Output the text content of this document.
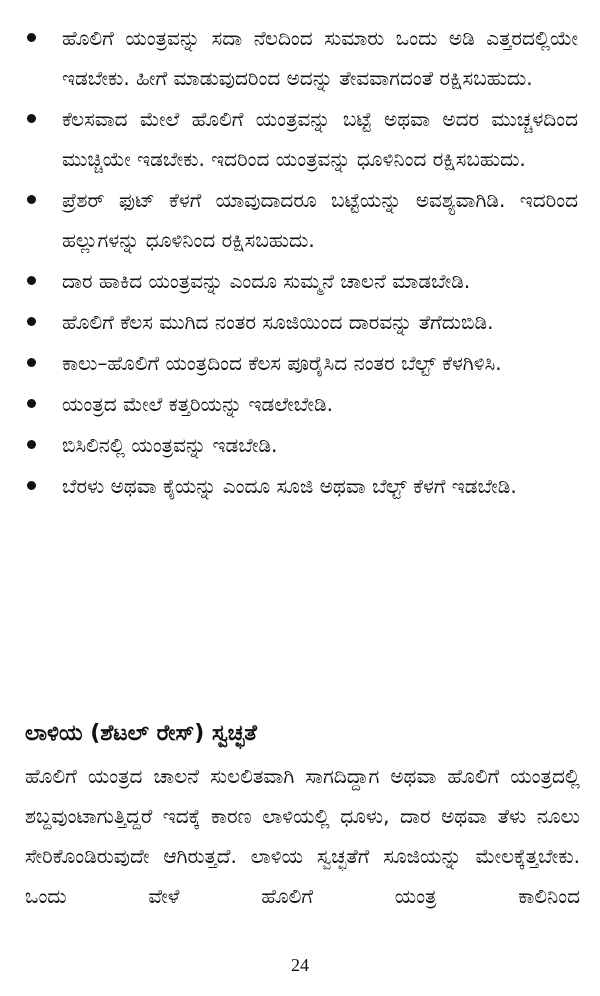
ಹೊಲಿಗೆ ಯಂತ್ರವನ್ನು ಸದಾ ನೆಲದಿಂದ ಸುಮಾರು ಒಂದು ಅಡಿ ಎತ್ತರದಲ್ಲಿಯೇ ಇಡಬೇಕು. ಹೀಗೆ ಮಾಡುವುದರಿಂದ ಅದನ್ನು ತೇವವಾಗದಂತೆ ರಕ್ಷಿಸಬಹುದು.
ಕೆಲಸವಾದ ಮೇಲೆ ಹೊಲಿಗೆ ಯಂತ್ರವನ್ನು ಬಟ್ಟೆ ಅಥವಾ ಅದರ ಮುಚ್ಚಳದಿಂದ ಮುಚ್ಚಿಯೇ ಇಡಬೇಕು. ಇದರಿಂದ ಯಂತ್ರವನ್ನು ಧೂಳಿನಿಂದ ರಕ್ಷಿಸಬಹುದು.
ಪ್ರೆಶರ್ ಫುಟ್ ಕೆಳಗೆ ಯಾವುದಾದರೂ ಬಟ್ಟೆಯನ್ನು ಅವಶ್ಯವಾಗಿಡಿ. ಇದರಿಂದ ಹಲ್ಲುಗಳನ್ನು ಧೂಳಿನಿಂದ ರಕ್ಷಿಸಬಹುದು.
ದಾರ ಹಾಕಿದ ಯಂತ್ರವನ್ನು ಎಂದೂ ಸುಮ್ಮನೆ ಚಾಲನೆ ಮಾಡಬೇಡಿ.
ಹೊಲಿಗೆ ಕೆಲಸ ಮುಗಿದ ನಂತರ ಸೂಜಿಯಿಂದ ದಾರವನ್ನು ತೆಗೆದುಬಿಡಿ.
ಕಾಲು–ಹೊಲಿಗೆ ಯಂತ್ರದಿಂದ ಕೆಲಸ ಪೂರೈಸಿದ ನಂತರ ಬೆಲ್ಟ್ ಕೆಳಗಿಳಿಸಿ.
ಯಂತ್ರದ ಮೇಲೆ ಕತ್ತರಿಯನ್ನು ಇಡಲೇಬೇಡಿ.
ಬಿಸಿಲಿನಲ್ಲಿ ಯಂತ್ರವನ್ನು ಇಡಬೇಡಿ.
ಬೆರಳು ಅಥವಾ ಕೈಯನ್ನು ಎಂದೂ ಸೂಜಿ ಅಥವಾ ಬೆಲ್ಟ್ ಕೆಳಗೆ ಇಡಬೇಡಿ.
ಲಾಳಿಯ (ಶೆಟಲ್ ರೇಸ್) ಸ್ವಚ್ಛತೆ

ಹೊಲಿಗೆ ಯಂತ್ರದ ಚಾಲನೆ ಸುಲಲಿತವಾಗಿ ಸಾಗದಿದ್ದಾಗ ಅಥವಾ ಹೊಲಿಗೆ ಯಂತ್ರದಲ್ಲಿ ಶಬ್ದವುಂಟಾಗುತ್ತಿದ್ದರೆ ಇದಕ್ಕೆ ಕಾರಣ ಲಾಳಿಯಲ್ಲಿ ಧೂಳು, ದಾರ ಅಥವಾ ತೆಳು ನೂಲು ಸೇರಿಕೊಂಡಿರುವುದೇ ಆಗಿರುತ್ತದೆ. ಲಾಳಿಯ ಸ್ವಚ್ಛತೆಗೆ ಸೂಜಿಯನ್ನು ಮೇಲಕ್ಕೆತ್ತಬೇಕು. ಒಂದು ವೇಳೆ ಹೊಲಿಗೆ ಯಂತ್ರ ಕಾಲಿನಿಂದ

24
